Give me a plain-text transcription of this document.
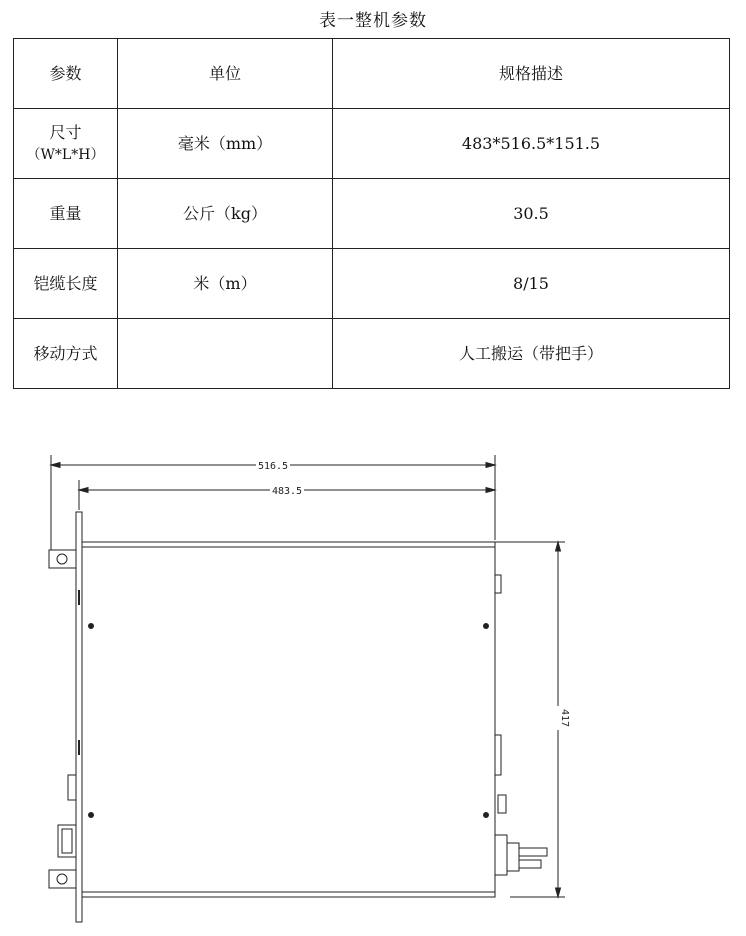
表一整机参数
参数	单位	规格描述

尺寸
（W*L*H）	毫米（mm）	483*516.5*151.5
重量	公斤（kg）	30.5
铠缆长度	米（m）	8/15
移动方式		人工搬运（带把手）
516.5
483.5
417
